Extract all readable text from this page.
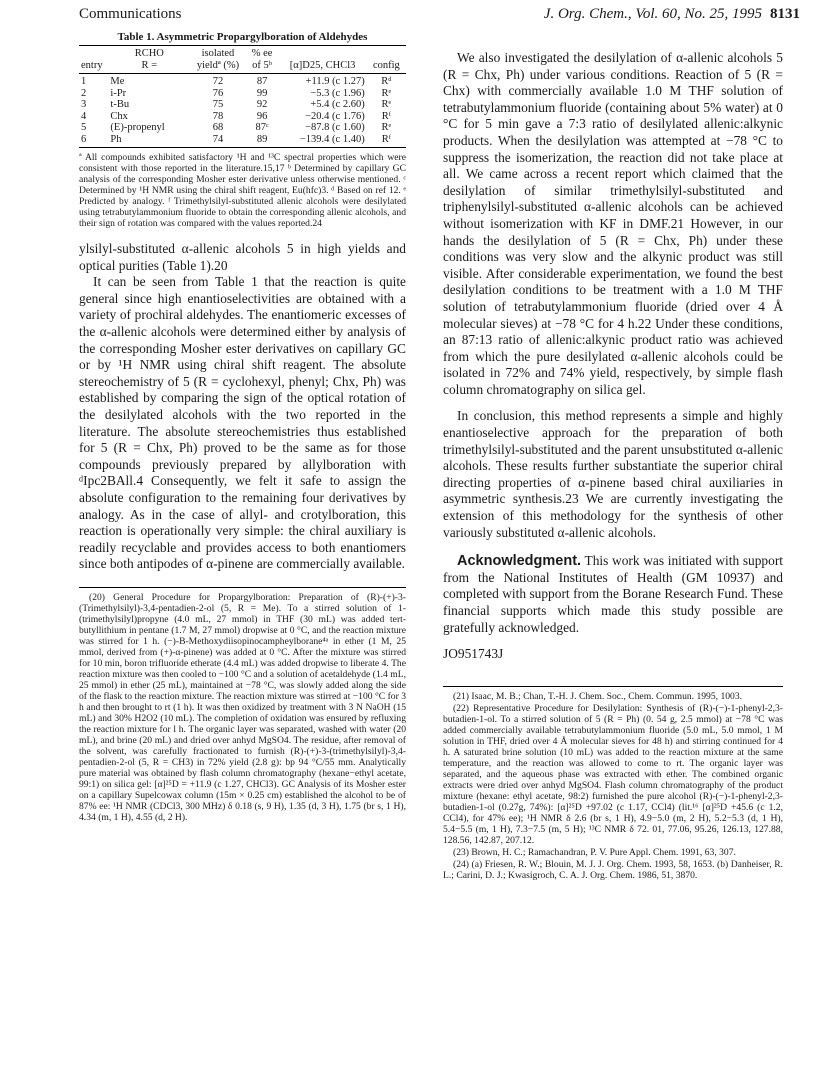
Communications	J. Org. Chem., Vol. 60, No. 25, 1995 8131
Table 1. Asymmetric Propargylboration of Aldehydes
	RCHO	isolated	% ee		
entry	R =	yieldª (%)	of 5ᵇ	[α]D25, CHCl3	config
1	Me	72	87	+11.9 (c 1.27)	Rᵈ
2	i-Pr	76	99	−5.3 (c 1.96)	Rᵉ
3	t-Bu	75	92	+5.4 (c 2.60)	Rᵉ
4	Chx	78	96	−20.4 (c 1.76)	Rᶠ
5	(E)-propenyl	68	87ᶜ	−87.8 (c 1.60)	Rᵉ
6	Ph	74	89	−139.4 (c 1.40)	Rᶠ
ª All compounds exhibited satisfactory ¹H and ¹³C spectral properties which were consistent with those reported in the literature.15,17 ᵇ Determined by capillary GC analysis of the corresponding Mosher ester derivative unless otherwise mentioned. ᶜ Determined by ¹H NMR using the chiral shift reagent, Eu(hfc)3. ᵈ Based on ref 12. ᵉ Predicted by analogy. ᶠ Trimethylsilyl-substituted allenic alcohols were desilylated using tetrabutylammonium fluoride to obtain the corresponding allenic alcohols, and their sign of rotation was compared with the values reported.24

ylsilyl-substituted α-allenic alcohols 5 in high yields and optical purities (Table 1).20

It can be seen from Table 1 that the reaction is quite general since high enantioselectivities are obtained with a variety of prochiral aldehydes. The enantiomeric excesses of the α-allenic alcohols were determined either by analysis of the corresponding Mosher ester derivatives on capillary GC or by ¹H NMR using chiral shift reagent. The absolute stereochemistry of 5 (R = cyclohexyl, phenyl; Chx, Ph) was established by comparing the sign of the optical rotation of the desilylated alcohols with the two reported in the literature. The absolute stereochemistries thus established for 5 (R = Chx, Ph) proved to be the same as for those compounds previously prepared by allylboration with ᵈIpc2BAll.4 Consequently, we felt it safe to assign the absolute configuration to the remaining four derivatives by analogy. As in the case of allyl- and crotylboration, this reaction is operationally very simple: the chiral auxiliary is readily recyclable and provides access to both enantiomers since both antipodes of α-pinene are commercially available.

(20) General Procedure for Propargylboration: Preparation of (R)-(+)-3-(Trimethylsilyl)-3,4-pentadien-2-ol (5, R = Me). To a stirred solution of 1-(trimethylsilyl)propyne (4.0 mL, 27 mmol) in THF (30 mL) was added tert-butyllithium in pentane (1.7 M, 27 mmol) dropwise at 0 °C, and the reaction mixture was stirred for 1 h. (−)-B-Methoxydiisopinocampheylborane⁴ᵃ in ether (1 M, 25 mmol, derived from (+)-α-pinene) was added at 0 °C. After the mixture was stirred for 10 min, boron trifluoride etherate (4.4 mL) was added dropwise to liberate 4. The reaction mixture was then cooled to −100 °C and a solution of acetaldehyde (1.4 mL, 25 mmol) in ether (25 mL), maintained at −78 °C, was slowly added along the side of the flask to the reaction mixture. The reaction mixture was stirred at −100 °C for 3 h and then brought to rt (1 h). It was then oxidized by treatment with 3 N NaOH (15 mL) and 30% H2O2 (10 mL). The completion of oxidation was ensured by refluxing the reaction mixture for l h. The organic layer was separated, washed with water (20 mL), and brine (20 mL) and dried over anhyd MgSO4. The residue, after removal of the solvent, was carefully fractionated to furnish (R)-(+)-3-(trimethylsilyl)-3,4-pentadien-2-ol (5, R = CH3) in 72% yield (2.8 g): bp 94 °C/55 mm. Analytically pure material was obtained by flash column chromatography (hexane−ethyl acetate, 99:1) on silica gel: [α]²⁵D = +11.9 (c 1.27, CHCl3). GC Analysis of its Mosher ester on a capillary Supelcowax column (15m × 0.25 cm) established the alcohol to be of 87% ee: ¹H NMR (CDCl3, 300 MHz) δ 0.18 (s, 9 H), 1.35 (d, 3 H), 1.75 (br s, 1 H), 4.34 (m, 1 H), 4.55 (d, 2 H).

We also investigated the desilylation of α-allenic alcohols 5 (R = Chx, Ph) under various conditions. Reaction of 5 (R = Chx) with commercially available 1.0 M THF solution of tetrabutylammonium fluoride (containing about 5% water) at 0 °C for 5 min gave a 7:3 ratio of desilylated allenic:alkynic products. When the desilylation was attempted at −78 °C to suppress the isomerization, the reaction did not take place at all. We came across a recent report which claimed that the desilylation of similar trimethylsilyl-substituted and triphenylsilyl-substituted α-allenic alcohols can be achieved without isomerization with KF in DMF.21 However, in our hands the desilylation of 5 (R = Chx, Ph) under these conditions was very slow and the alkynic product was still visible. After considerable experimentation, we found the best desilylation conditions to be treatment with a 1.0 M THF solution of tetrabutylammonium fluoride (dried over 4 Å molecular sieves) at −78 °C for 4 h.22 Under these conditions, an 87:13 ratio of allenic:alkynic product ratio was achieved from which the pure desilylated α-allenic alcohols could be isolated in 72% and 74% yield, respectively, by simple flash column chromatography on silica gel.

In conclusion, this method represents a simple and highly enantioselective approach for the preparation of both trimethylsilyl-substituted and the parent unsubstituted α-allenic alcohols. These results further substantiate the superior chiral directing properties of α-pinene based chiral auxiliaries in asymmetric synthesis.23 We are currently investigating the extension of this methodology for the synthesis of other variously substituted α-allenic alcohols.

Acknowledgment. This work was initiated with support from the National Institutes of Health (GM 10937) and completed with support from the Borane Research Fund. These financial supports which made this study possible are gratefully acknowledged.

JO951743J

(21) Isaac, M. B.; Chan, T.-H. J. Chem. Soc., Chem. Commun. 1995, 1003.

(22) Representative Procedure for Desilylation: Synthesis of (R)-(−)-1-phenyl-2,3-butadien-1-ol. To a stirred solution of 5 (R = Ph) (0. 54 g, 2.5 mmol) at −78 °C was added commercially available tetrabutylammonium fluoride (5.0 mL, 5.0 mmol, 1 M solution in THF, dried over 4 Å molecular sieves for 48 h) and stirring continued for 4 h. A saturated brine solution (10 mL) was added to the reaction mixture at the same temperature, and the reaction was allowed to come to rt. The organic layer was separated, and the aqueous phase was extracted with ether. The combined organic extracts were dried over anhyd MgSO4. Flash column chromatography of the product mixture (hexane: ethyl acetate, 98:2) furnished the pure alcohol (R)-(−)-1-phenyl-2,3-butadien-1-ol (0.27g, 74%): [α]²⁵D +97.02 (c 1.17, CCl4) (lit.¹⁶ [α]²⁵D +45.6 (c 1.2, CCl4), for 47% ee); ¹H NMR δ 2.6 (br s, 1 H), 4.9−5.0 (m, 2 H), 5.2−5.3 (d, 1 H), 5.4−5.5 (m, 1 H), 7.3−7.5 (m, 5 H); ¹³C NMR δ 72. 01, 77.06, 95.26, 126.13, 127.88, 128.56, 142.87, 207.12.

(23) Brown, H. C.; Ramachandran, P. V. Pure Appl. Chem. 1991, 63, 307.

(24) (a) Friesen, R. W.; Blouin, M. J. J. Org. Chem. 1993, 58, 1653. (b) Danheiser, R. L.; Carini, D. J.; Kwasigroch, C. A. J. Org. Chem. 1986, 51, 3870.
